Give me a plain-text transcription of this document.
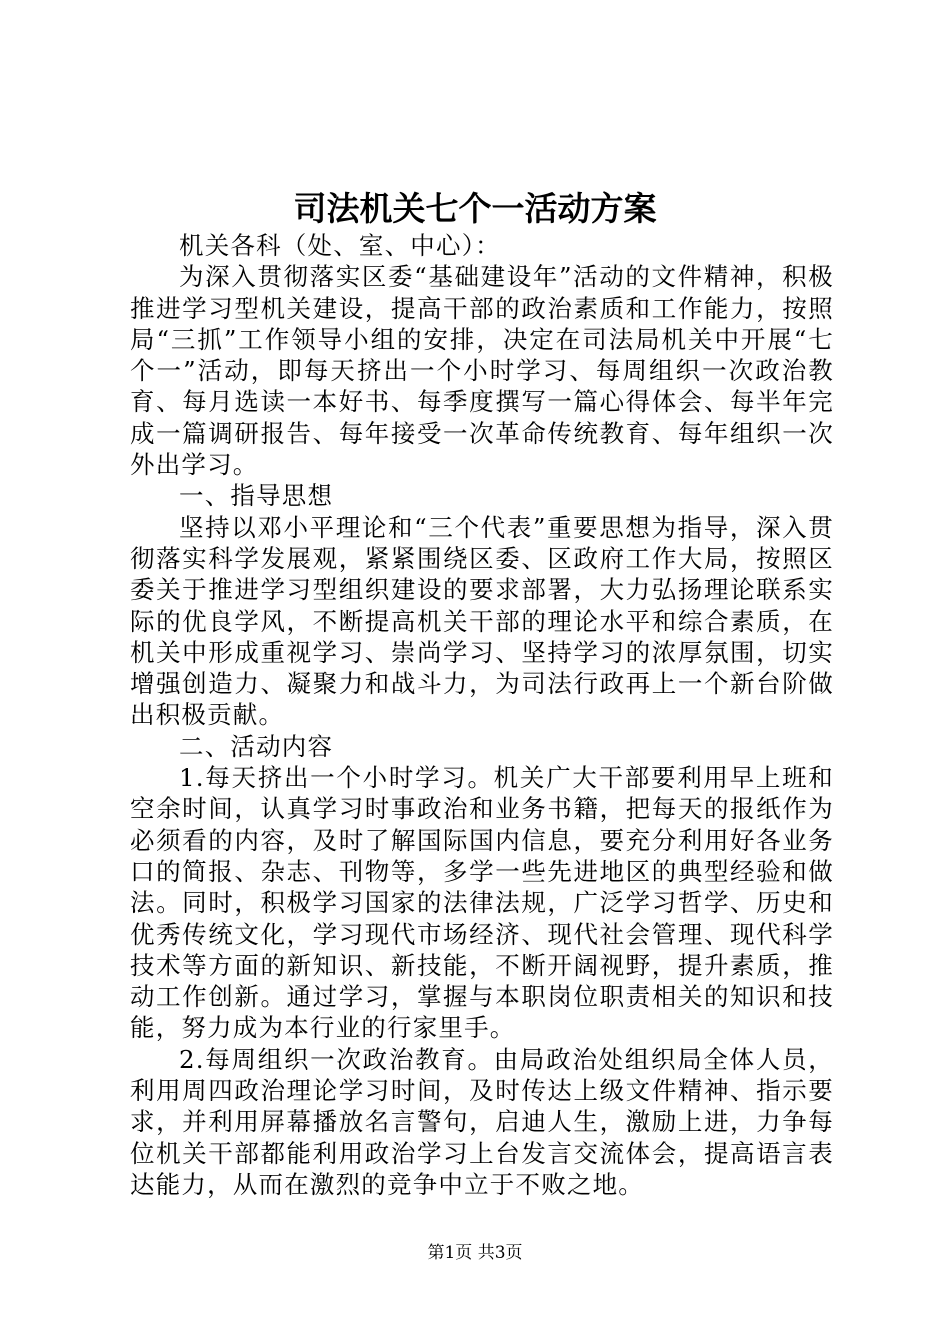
司法机关七个一活动方案

机关各科（处、室、中心）：

为深入贯彻落实区委“基础建设年”活动的文件精神，积极推进学习型机关建设，提高干部的政治素质和工作能力，按照局“三抓”工作领导小组的安排，决定在司法局机关中开展“七个一”活动，即每天挤出一个小时学习、每周组织一次政治教育、每月选读一本好书、每季度撰写一篇心得体会、每半年完成一篇调研报告、每年接受一次革命传统教育、每年组织一次外出学习。

一、指导思想

坚持以邓小平理论和“三个代表”重要思想为指导，深入贯彻落实科学发展观，紧紧围绕区委、区政府工作大局，按照区委关于推进学习型组织建设的要求部署，大力弘扬理论联系实际的优良学风，不断提高机关干部的理论水平和综合素质，在机关中形成重视学习、崇尚学习、坚持学习的浓厚氛围，切实增强创造力、凝聚力和战斗力，为司法行政再上一个新台阶做出积极贡献。

二、活动内容

1.每天挤出一个小时学习。机关广大干部要利用早上班和空余时间，认真学习时事政治和业务书籍，把每天的报纸作为必须看的内容，及时了解国际国内信息，要充分利用好各业务口的简报、杂志、刊物等，多学一些先进地区的典型经验和做法。同时，积极学习国家的法律法规，广泛学习哲学、历史和优秀传统文化，学习现代市场经济、现代社会管理、现代科学技术等方面的新知识、新技能，不断开阔视野，提升素质，推动工作创新。通过学习，掌握与本职岗位职责相关的知识和技能，努力成为本行业的行家里手。

2.每周组织一次政治教育。由局政治处组织局全体人员，利用周四政治理论学习时间，及时传达上级文件精神、指示要求，并利用屏幕播放名言警句，启迪人生，激励上进，力争每位机关干部都能利用政治学习上台发言交流体会，提高语言表达能力，从而在激烈的竞争中立于不败之地。

第1页 共3页
